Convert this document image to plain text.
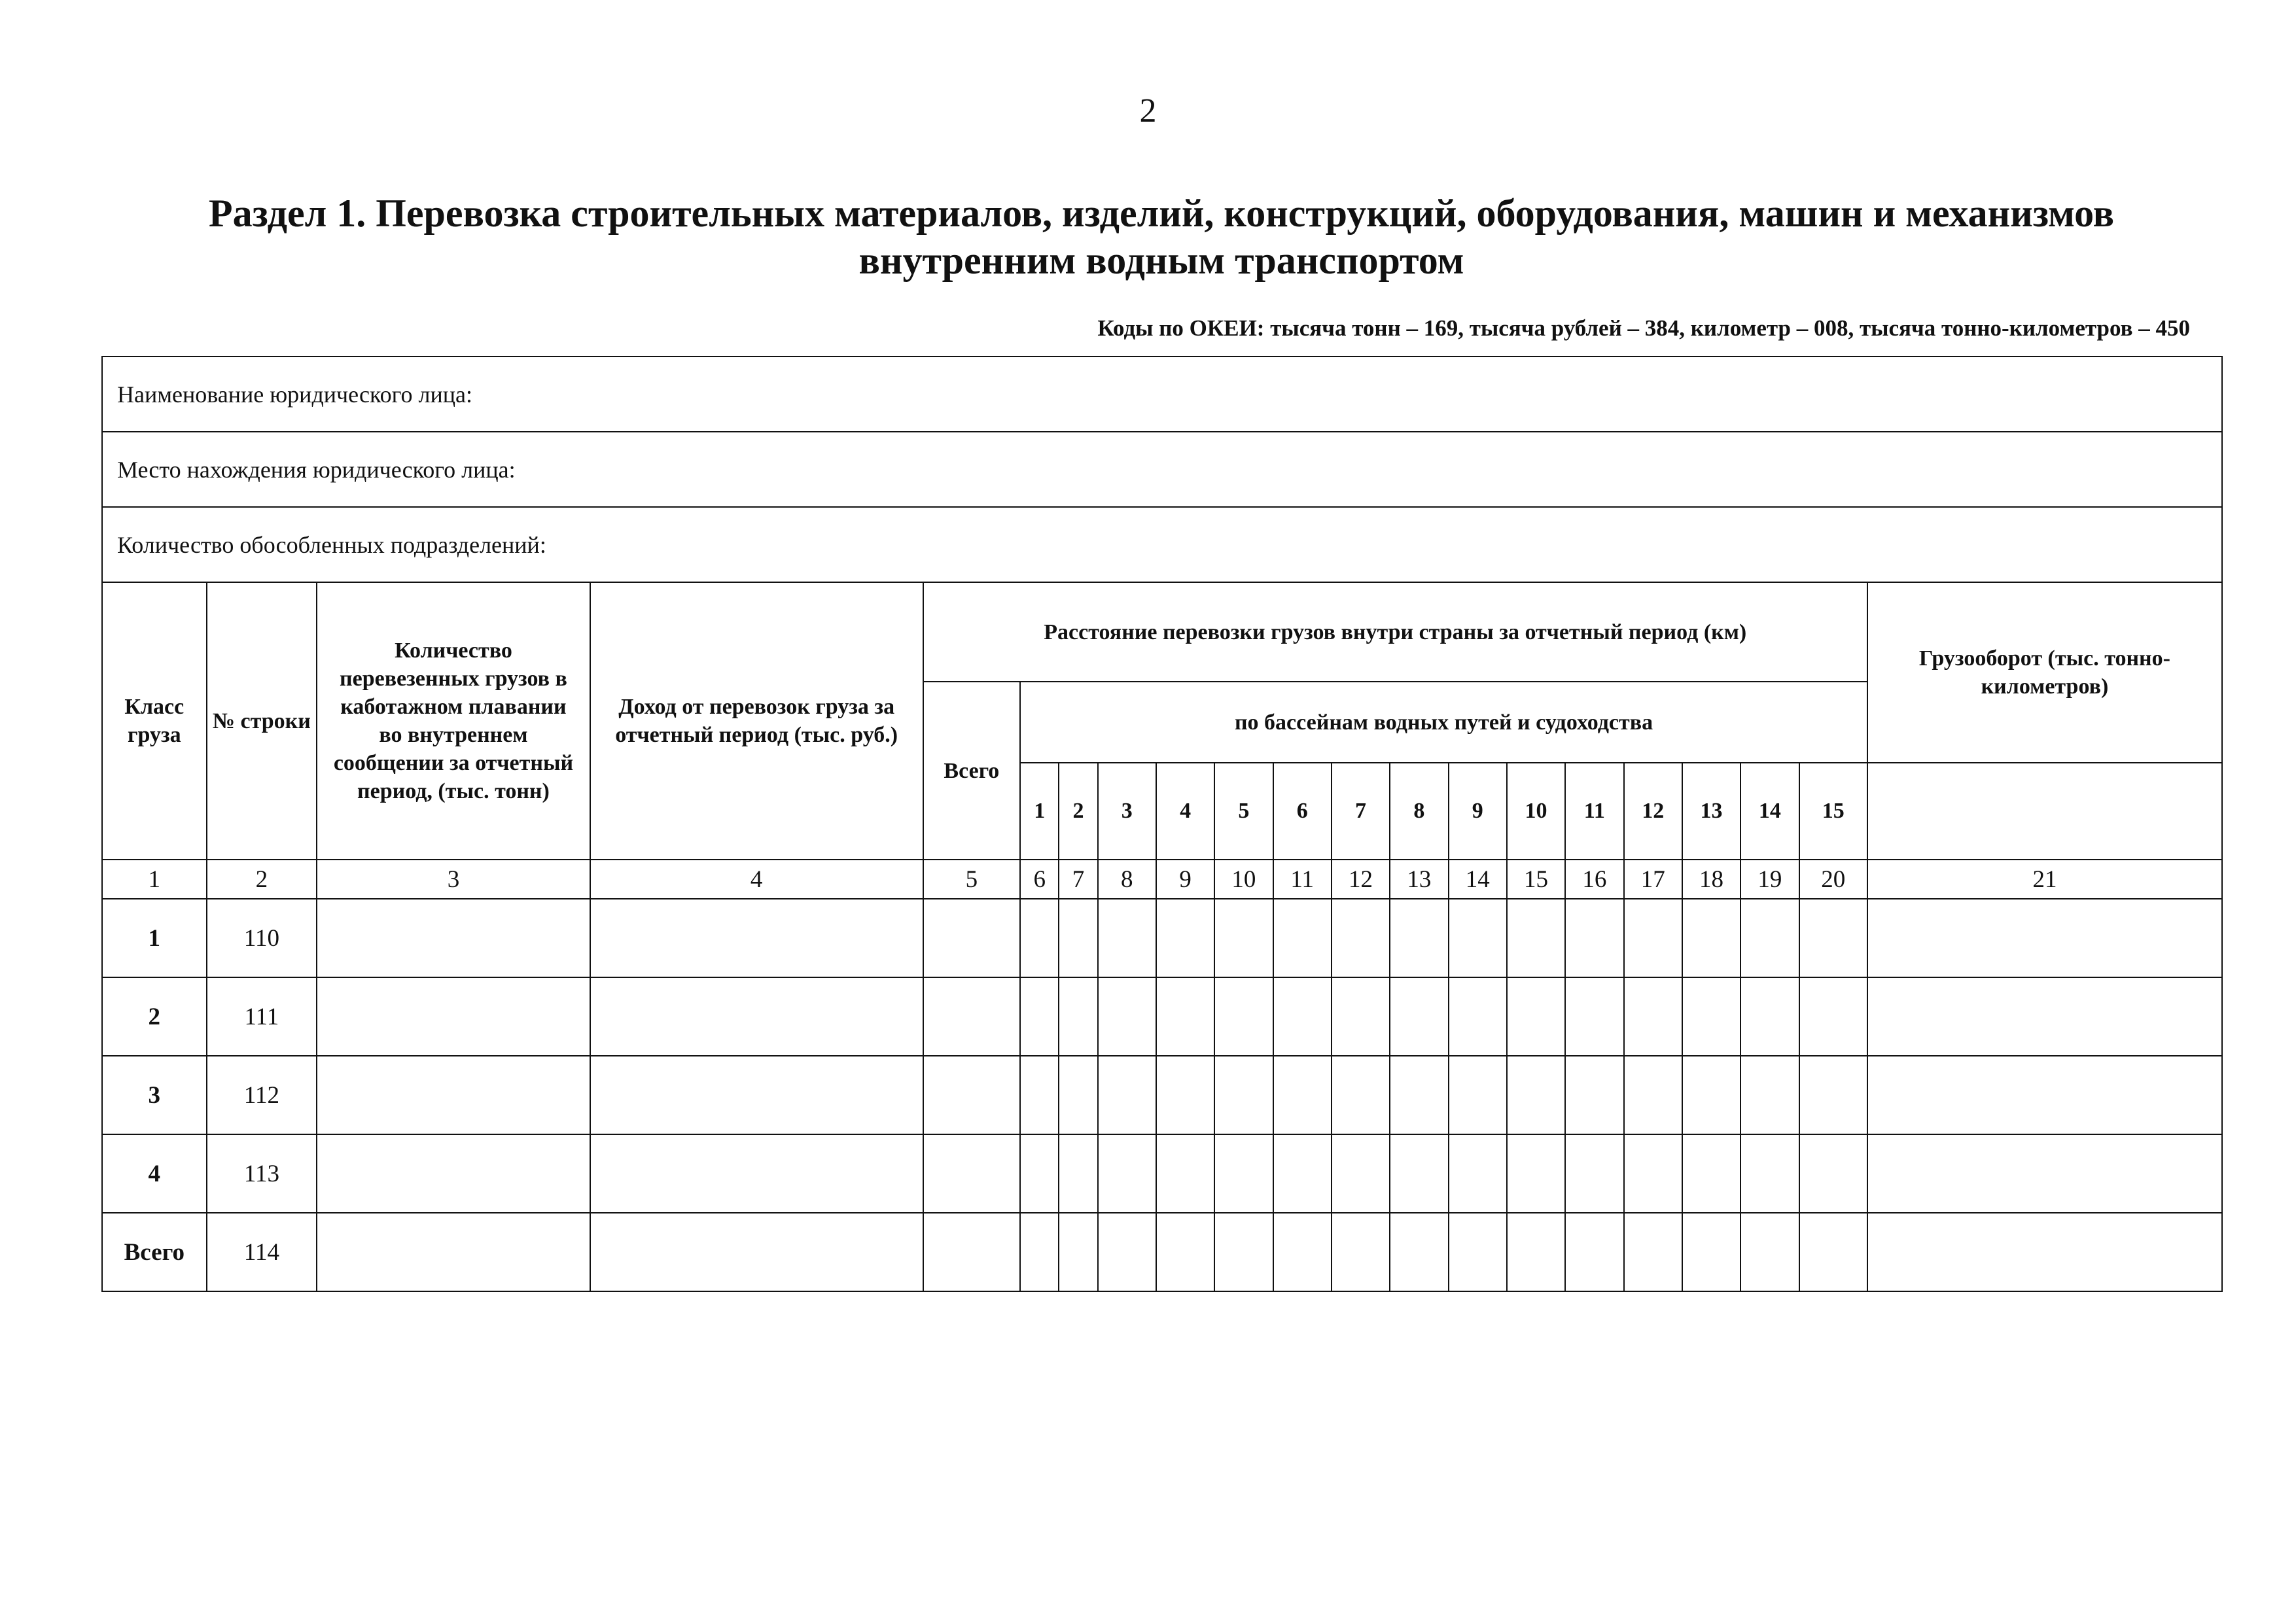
2
Раздел 1. Перевозка строительных материалов, изделий, конструкций, оборудования, машин и механизмов
внутренним водным транспортом
Коды по ОКЕИ: тысяча тонн – 169, тысяча рублей – 384, километр – 008, тысяча тонно-километров – 450
Наименование юридического лица:																				
Место нахождения юридического лица:																				
Количество обособленных подразделений:																				
Класс груза	№ строки	Количество перевезенных грузов в каботажном плавании во внутреннем сообщении за отчетный период, (тыс. тонн)	Доход от перевозок груза за отчетный период (тыс. руб.)	Расстояние перевозки грузов внутри страны за отчетный период (км)																Грузооборот (тыс. тонно-километров)
				Всего	по бассейнам водных путей и судоходства															
					1	2	3	4	5	6	7	8	9	10	11	12	13	14	15	
1	2	3	4	5	6	7	8	9	10	11	12	13	14	15	16	17	18	19	20	21
1	110																			
2	111																			
3	112																			
4	113																			
Всего	114																			
